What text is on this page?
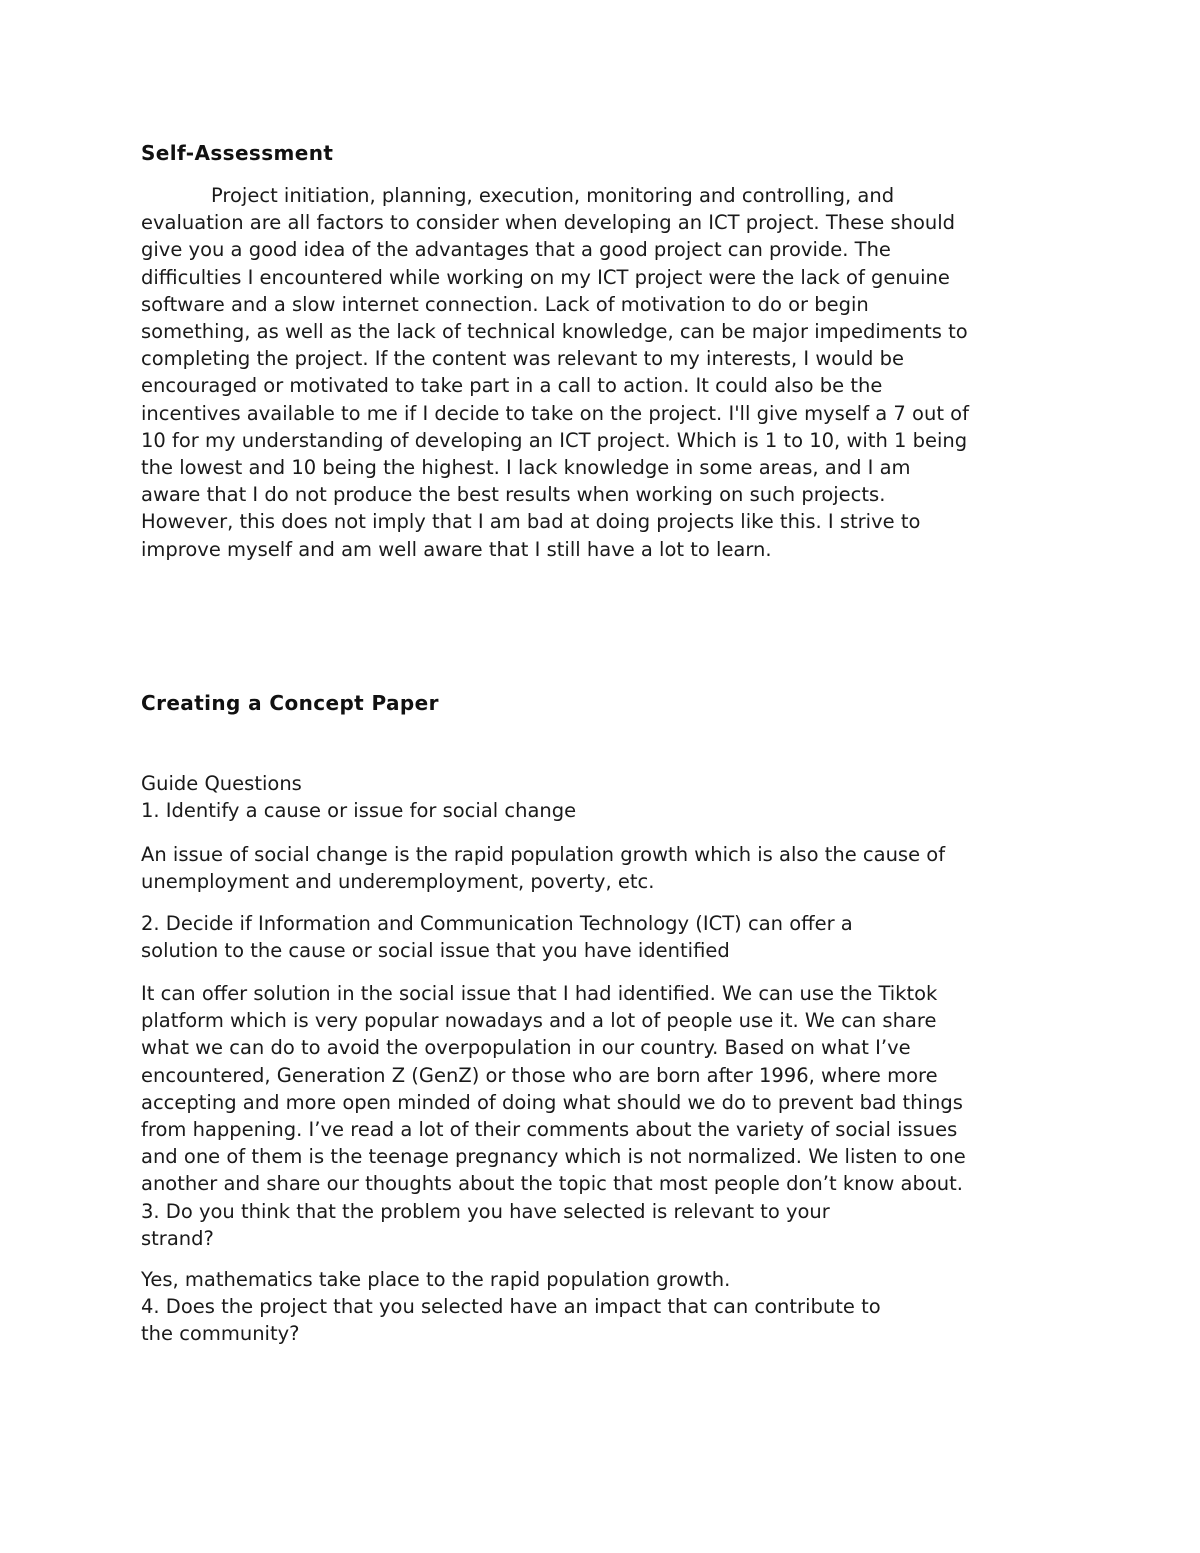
Self-Assessment

Project initiation, planning, execution, monitoring and controlling, and
evaluation are all factors to consider when developing an ICT project. These should
give you a good idea of the advantages that a good project can provide. The
difficulties I encountered while working on my ICT project were the lack of genuine
software and a slow internet connection. Lack of motivation to do or begin
something, as well as the lack of technical knowledge, can be major impediments to
completing the project. If the content was relevant to my interests, I would be
encouraged or motivated to take part in a call to action. It could also be the
incentives available to me if I decide to take on the project. I'll give myself a 7 out of
10 for my understanding of developing an ICT project. Which is 1 to 10, with 1 being
the lowest and 10 being the highest. I lack knowledge in some areas, and I am
aware that I do not produce the best results when working on such projects.
However, this does not imply that I am bad at doing projects like this. I strive to
improve myself and am well aware that I still have a lot to learn.

Creating a Concept Paper

Guide Questions
1. Identify a cause or issue for social change

An issue of social change is the rapid population growth which is also the cause of
unemployment and underemployment, poverty, etc.

2. Decide if Information and Communication Technology (ICT) can offer a
solution to the cause or social issue that you have identified

It can offer solution in the social issue that I had identified. We can use the Tiktok
platform which is very popular nowadays and a lot of people use it. We can share
what we can do to avoid the overpopulation in our country. Based on what I’ve
encountered, Generation Z (GenZ) or those who are born after 1996, where more
accepting and more open minded of doing what should we do to prevent bad things
from happening. I’ve read a lot of their comments about the variety of social issues
and one of them is the teenage pregnancy which is not normalized. We listen to one
another and share our thoughts about the topic that most people don’t know about.
3. Do you think that the problem you have selected is relevant to your
strand?

Yes, mathematics take place to the rapid population growth.
4. Does the project that you selected have an impact that can contribute to
the community?
